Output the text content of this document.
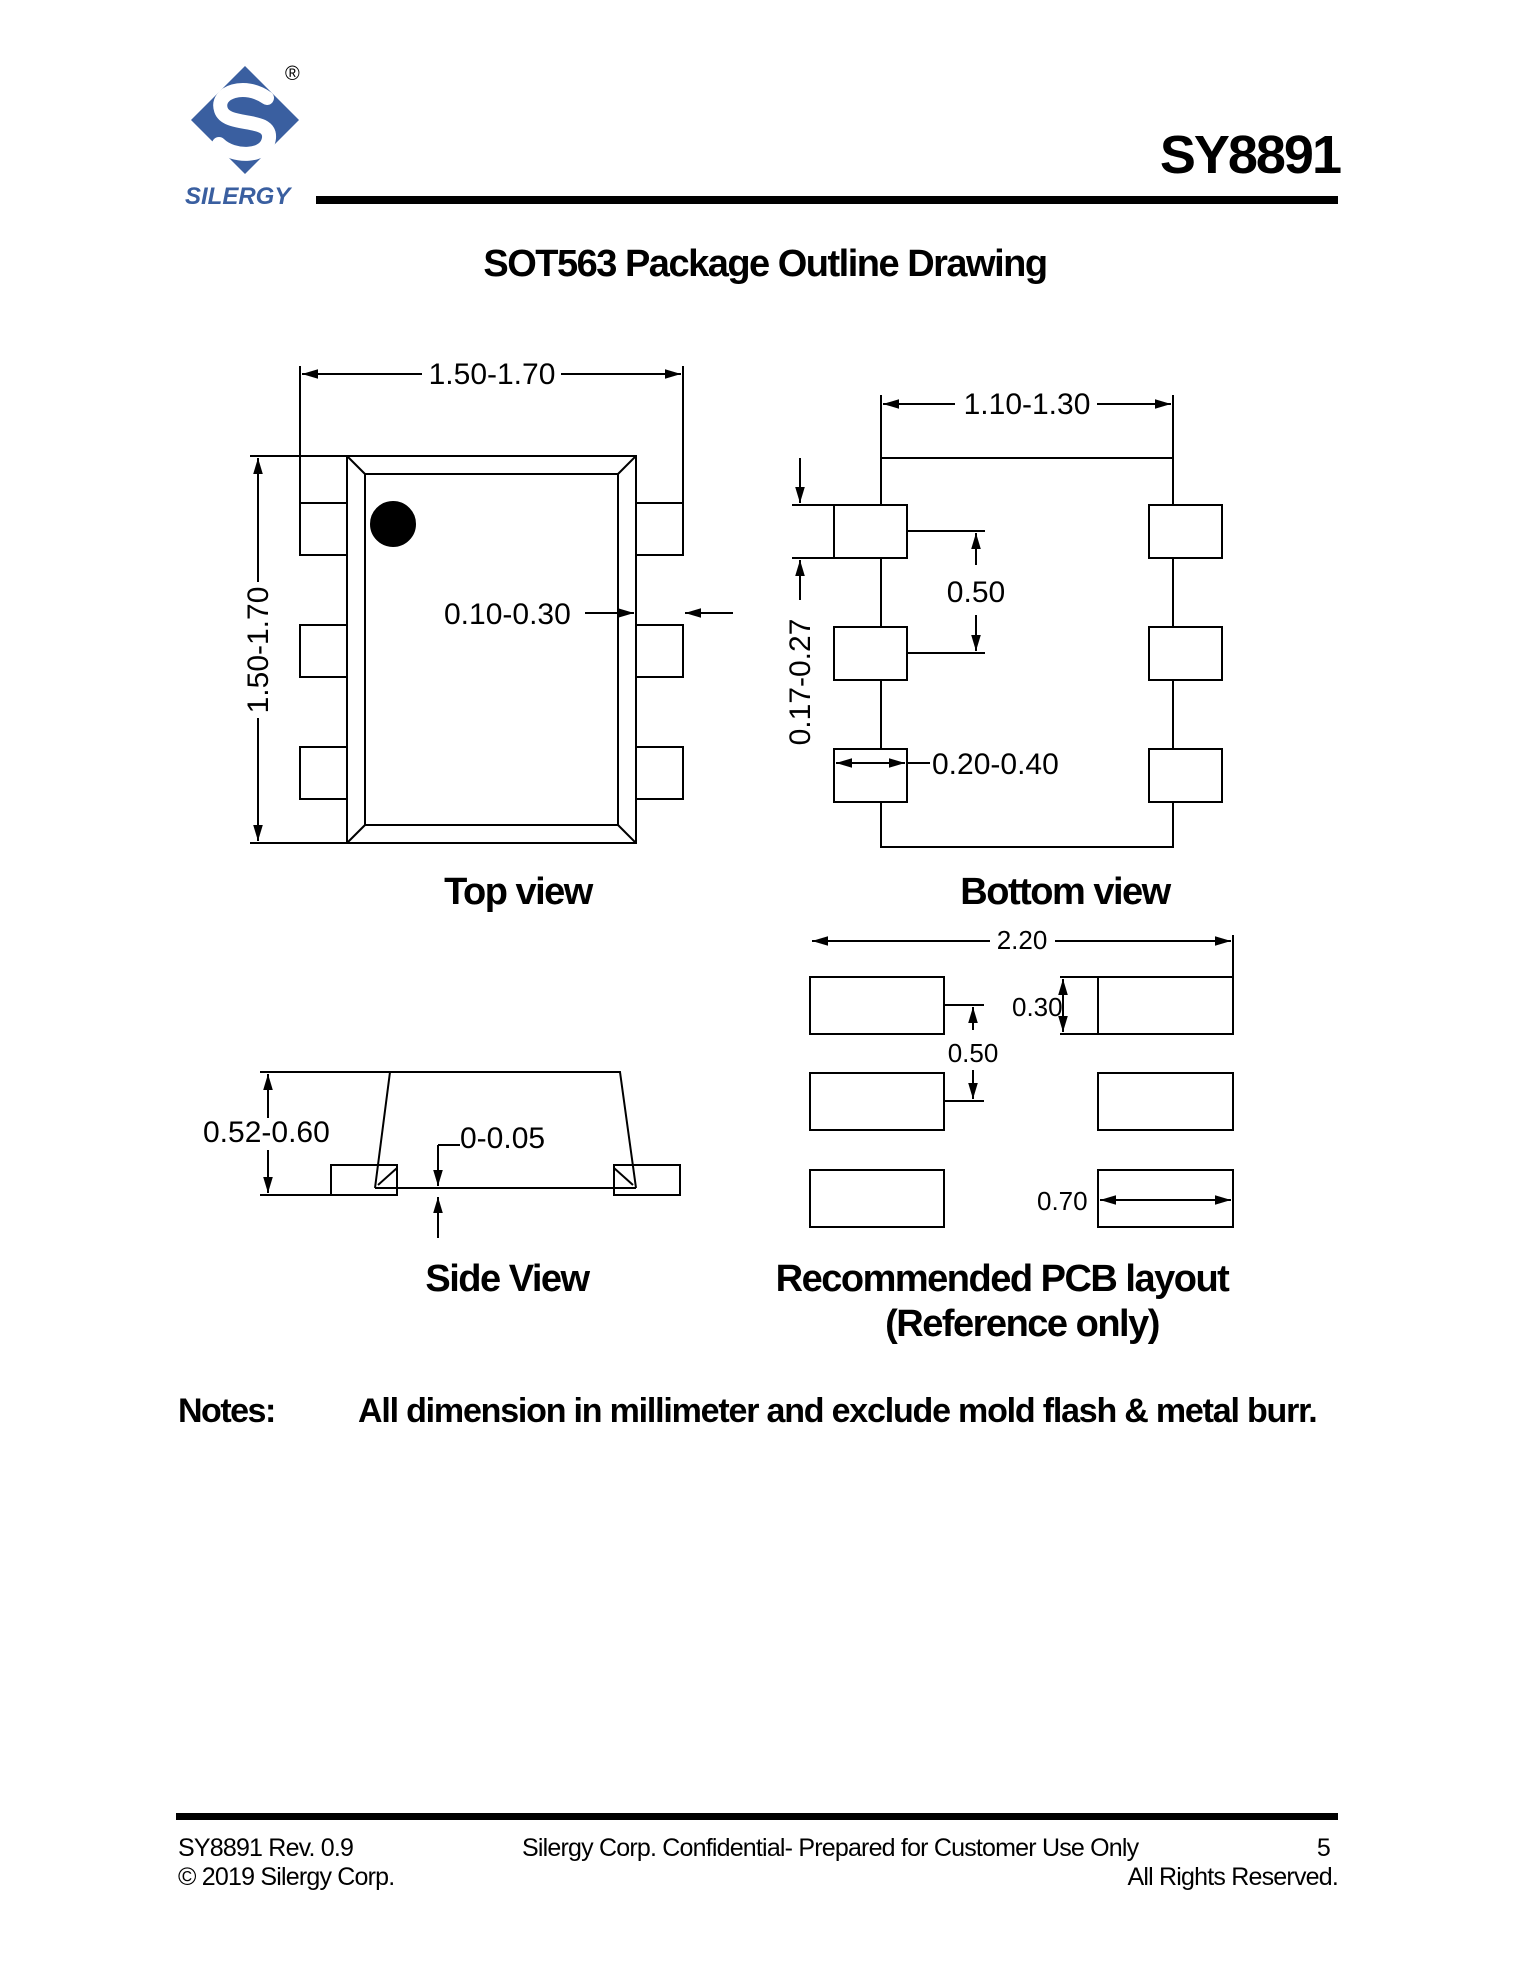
SILERGY
®
SY8891
SOT563 Package Outline Drawing
1.50-1.70
1.50-1.70	0.10-0.30
Top view
1.10-1.30
0.50
0.17-0.27
0.20-0.40
Bottom view
0.52-0.60	0-0.05
Side View
2.20
0.30
0.50
0.70
Recommended PCB layout
(Reference only)
Notes: All dimension in millimeter and exclude mold flash & metal burr.
SY8891 Rev. 0.9
© 2019 Silergy Corp.
Silergy Corp. Confidential- Prepared for Customer Use Only	5
All Rights Reserved.
